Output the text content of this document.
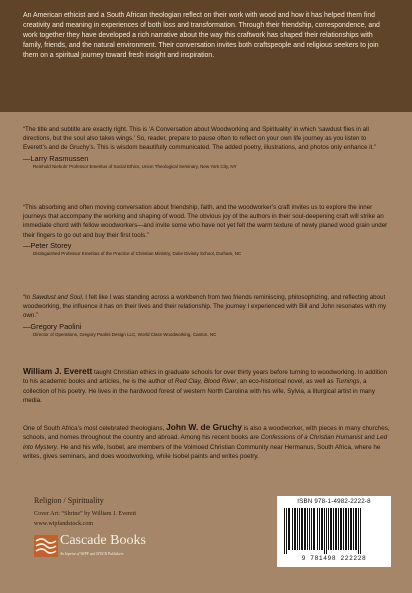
An American ethicist and a South African theologian reflect on their work with wood and how it has helped them find creativity and meaning in experiences of both loss and transformation. Through their friendship, correspondence, and work together they have developed a rich narrative about the way this craftwork has shaped their relationships with family, friends, and the natural environment. Their conversation invites both craftspeople and religious seekers to join them on a spiritual journey toward fresh insight and inspiration.

“The title and subtitle are exactly right. This is ‘A Conversation about Woodworking and Spirituality’ in which ‘sawdust flies in all directions, but the soul also takes wings.’ So, reader, prepare to pause often to reflect on your own life journey as you listen to Everett’s and de Gruchy’s. This is wisdom beautifully communicated. The added poetry, illustrations, and photos only enhance it.”
—Larry Rasmussen
Reinhold Niebuhr Professor Emeritus of Social Ethics, Union Theological Seminary, New York City, NY
“This absorbing and often moving conversation about friendship, faith, and the woodworker’s craft invites us to explore the inner journeys that accompany the working and shaping of wood. The obvious joy of the authors in their soul-deepening craft will strike an immediate chord with fellow woodworkers—and invite some who have not yet felt the warm texture of newly planed wood grain under their fingers to go out and buy their first tools.”
—Peter Storey
Distinguished Professor Emeritus of the Practice of Christian Ministry, Duke Divinity School, Durham, NC
“In Sawdust and Soul, I felt like I was standing across a workbench from two friends reminiscing, philosophizing, and reflecting about woodworking, the influence it has on their lives and their relationship. The journey I experienced with Bill and John resonates with my own.”
—Gregory Paolini
Director of Operations, Gregory Paolini Design LLC, World Class Woodworking, Canton, NC

William J. Everett taught Christian ethics in graduate schools for over thirty years before turning to woodworking. In addition to his academic books and articles, he is the author of Red Clay, Blood River, an eco-historical novel, as well as Turnings, a collection of his poetry. He lives in the hardwood forest of western North Carolina with his wife, Sylvia, a liturgical artist in many media.

One of South Africa’s most celebrated theologians, John W. de Gruchy is also a woodworker, with pieces in many churches, schools, and homes throughout the country and abroad. Among his recent books are Confessions of a Christian Humanist and Led into Mystery. He and his wife, Isobel, are members of the Volmoed Christian Community near Hermanus, South Africa, where he writes, gives seminars, and does woodworking, while Isobel paints and writes poetry.

Religion / Spirituality
Cover Art: “Shrine” by William J. Everett
www.wipfandstock.com
Cascade Books
An Imprint of WIPF and STOCK Publishers
ISBN 978-1-4982-2222-8
9 781498 222228
